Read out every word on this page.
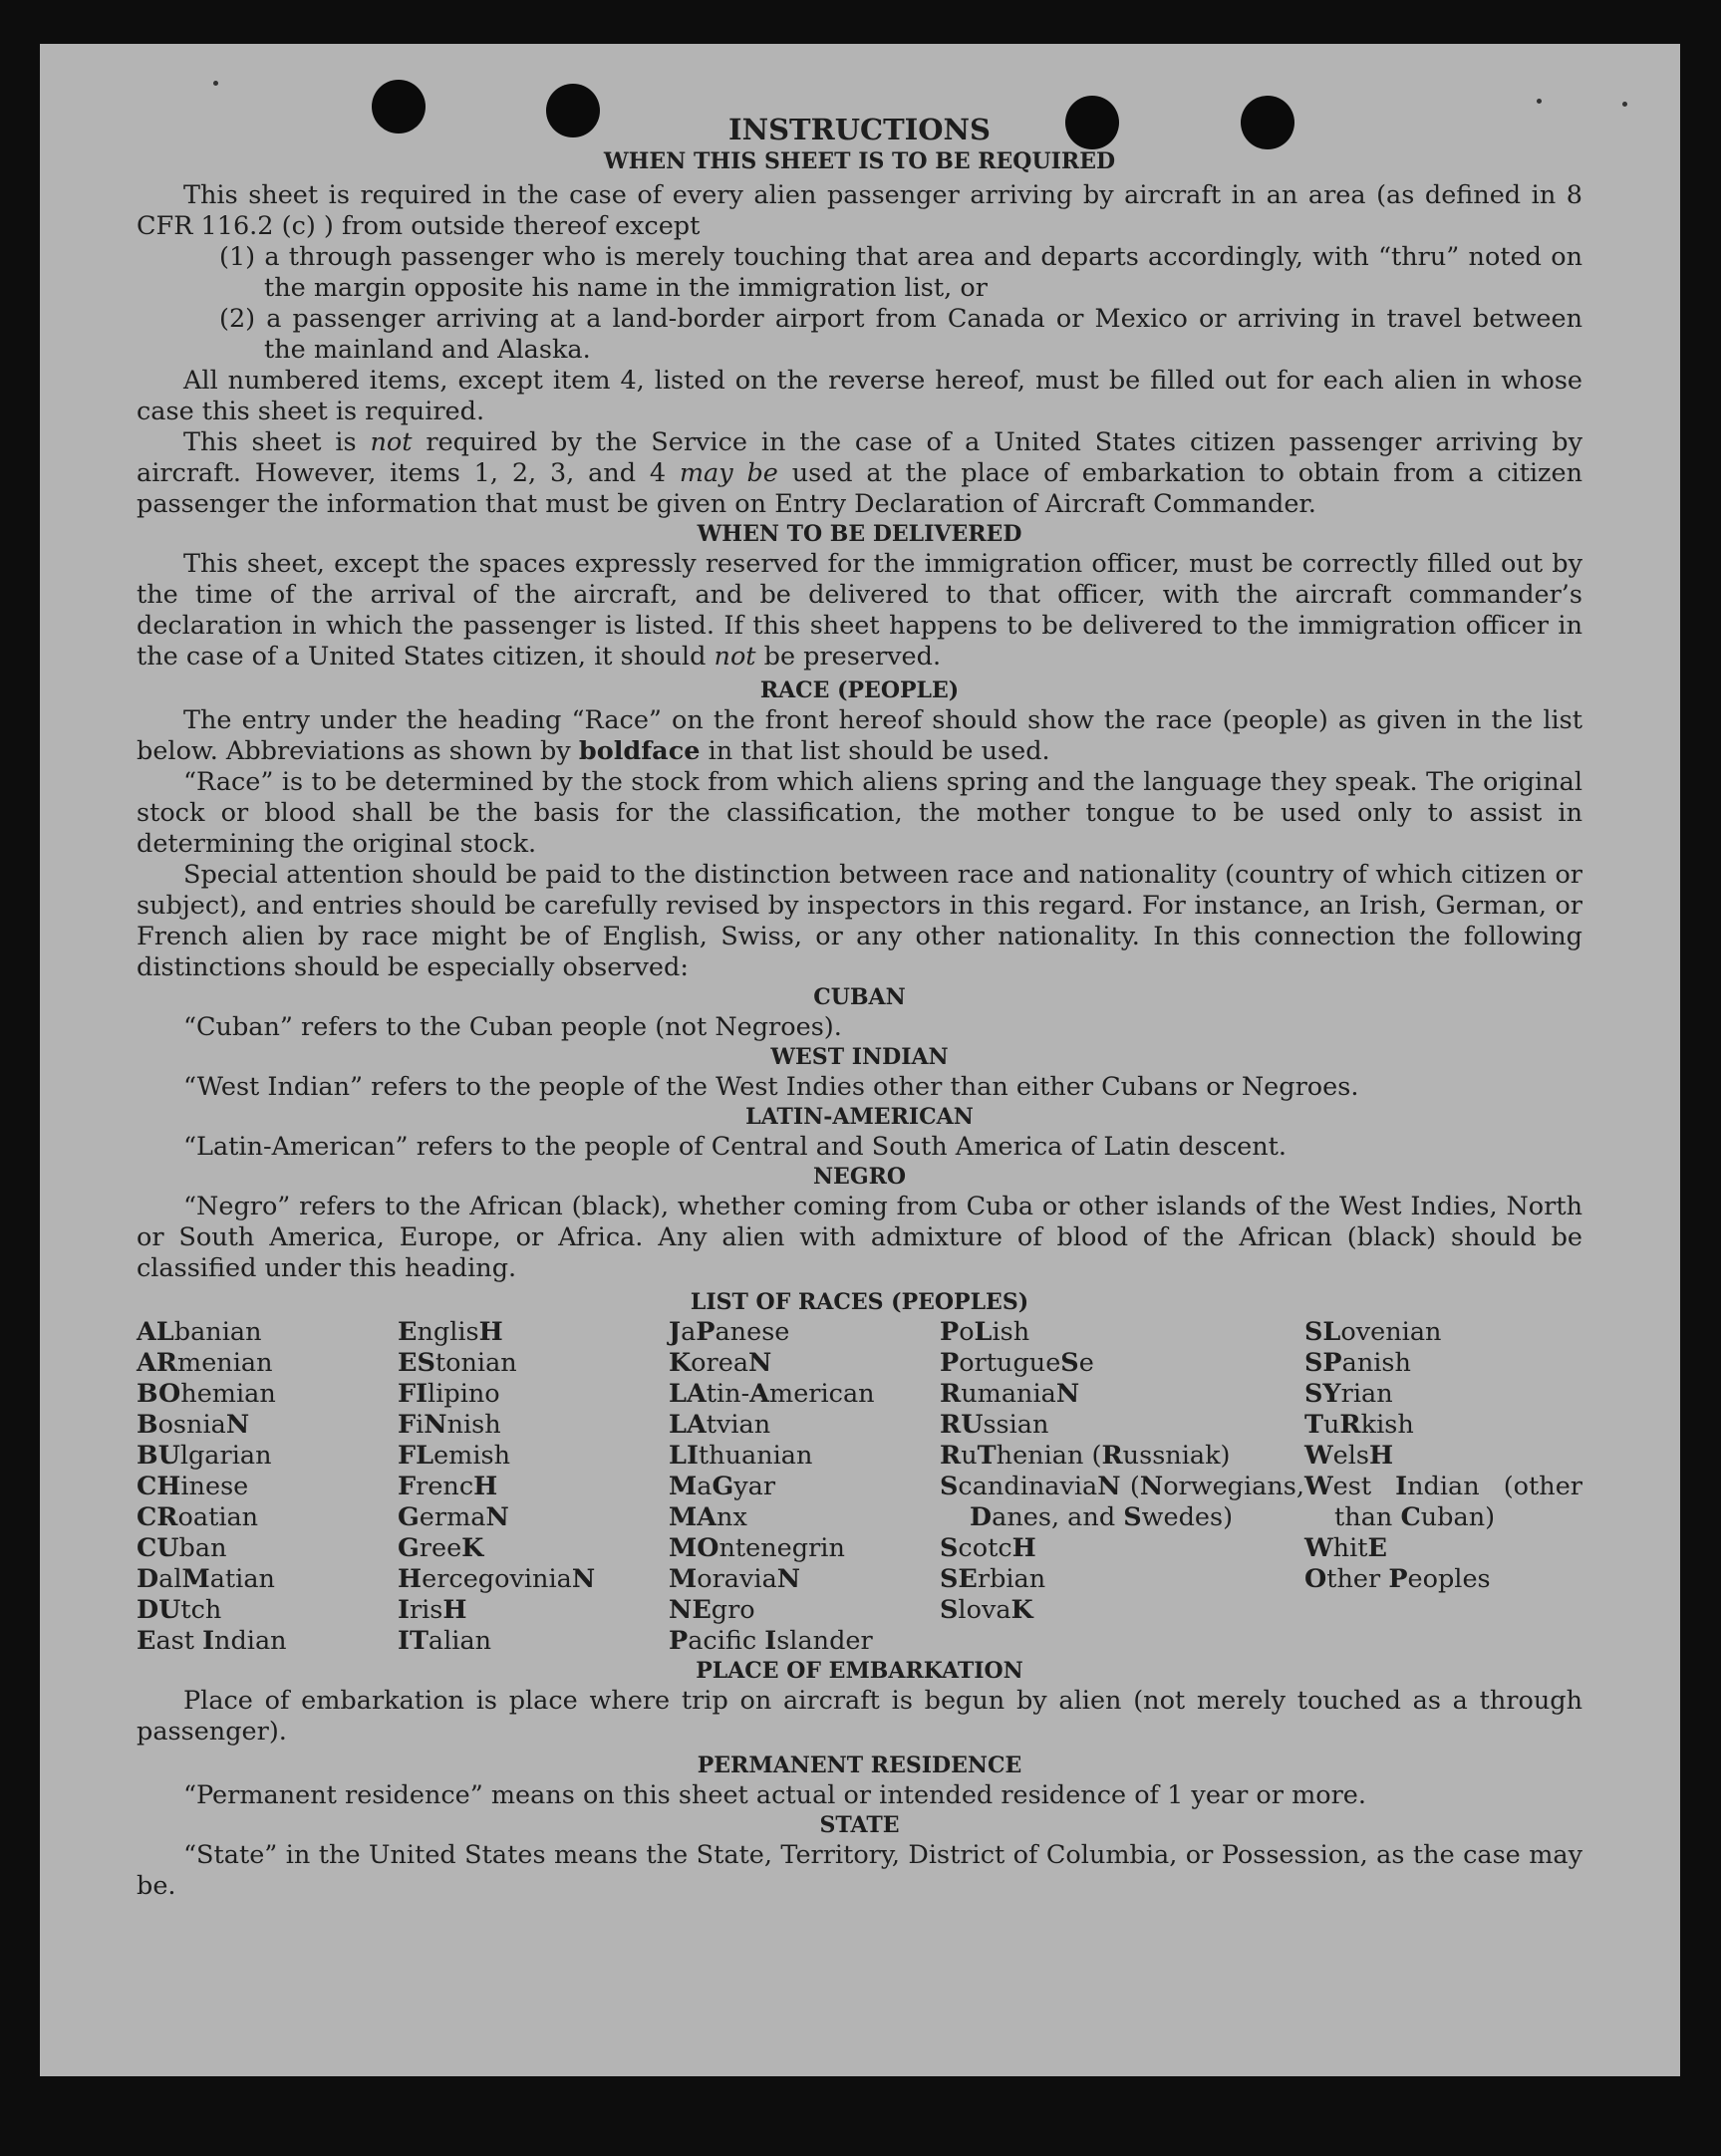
INSTRUCTIONS
WHEN THIS SHEET IS TO BE REQUIRED

This sheet is required in the case of every alien passenger arriving by aircraft in an area (as defined in 8 CFR 116.2 (c) ) from outside thereof except

(1) a through passenger who is merely touching that area and departs accordingly, with “thru” noted on the margin opposite his name in the immigration list, or

(2) a passenger arriving at a land-border airport from Canada or Mexico or arriving in travel between the mainland and Alaska.

All numbered items, except item 4, listed on the reverse hereof, must be filled out for each alien in whose case this sheet is required.

This sheet is not required by the Service in the case of a United States citizen passenger arriving by aircraft. However, items 1, 2, 3, and 4 may be used at the place of embarkation to obtain from a citizen passenger the information that must be given on Entry Declaration of Aircraft Commander.

WHEN TO BE DELIVERED

This sheet, except the spaces expressly reserved for the immigration officer, must be correctly filled out by the time of the arrival of the aircraft, and be delivered to that officer, with the aircraft commander’s declaration in which the passenger is listed. If this sheet happens to be delivered to the immigration officer in the case of a United States citizen, it should not be preserved.

RACE (PEOPLE)

The entry under the heading “Race” on the front hereof should show the race (people) as given in the list below. Abbreviations as shown by boldface in that list should be used.

“Race” is to be determined by the stock from which aliens spring and the language they speak. The original stock or blood shall be the basis for the classification, the mother tongue to be used only to assist in determining the original stock.

Special attention should be paid to the distinction between race and nationality (country of which citizen or subject), and entries should be carefully revised by inspectors in this regard. For instance, an Irish, German, or French alien by race might be of English, Swiss, or any other nationality. In this connection the following distinctions should be especially observed:

CUBAN

“Cuban” refers to the Cuban people (not Negroes).

WEST INDIAN

“West Indian” refers to the people of the West Indies other than either Cubans or Negroes.

LATIN-AMERICAN

“Latin-American” refers to the people of Central and South America of Latin descent.

NEGRO

“Negro” refers to the African (black), whether coming from Cuba or other islands of the West Indies, North or South America, Europe, or Africa. Any alien with admixture of blood of the African (black) should be classified under this heading.

LIST OF RACES (PEOPLES)
ALbanian
ARmenian
BOhemian
BosniaN
BUlgarian
CHinese
CRoatian
CUban
DalMatian
DUtch
East Indian
EnglisH
EStonian
FIlipino
FiNnish
FLemish
FrencH
GermaN
GreeK
HercegoviniaN
IrisH
ITalian
JaPanese
KoreaN
LAtin-American
LAtvian
LIthuanian
MaGyar
MAnx
MOntenegrin
MoraviaN
NEgro
Pacifc Islander
PoLish
PortugueSe
RumaniaN
RUssian
RuThenian (Russniak)
ScandinaviaN (Norwegians, Danes, and Swedes)
ScotcH
SErbian
SlovaK
SLovenian
SPanish
SYrian
TuRkish
WelsH
West Indian (other than Cuban)
WhitE
Other Peoples
PLACE OF EMBARKATION

Place of embarkation is place where trip on aircraft is begun by alien (not merely touched as a through passenger).

PERMANENT RESIDENCE

“Permanent residence” means on this sheet actual or intended residence of 1 year or more.

STATE

“State” in the United States means the State, Territory, District of Columbia, or Possession, as the case may be.
